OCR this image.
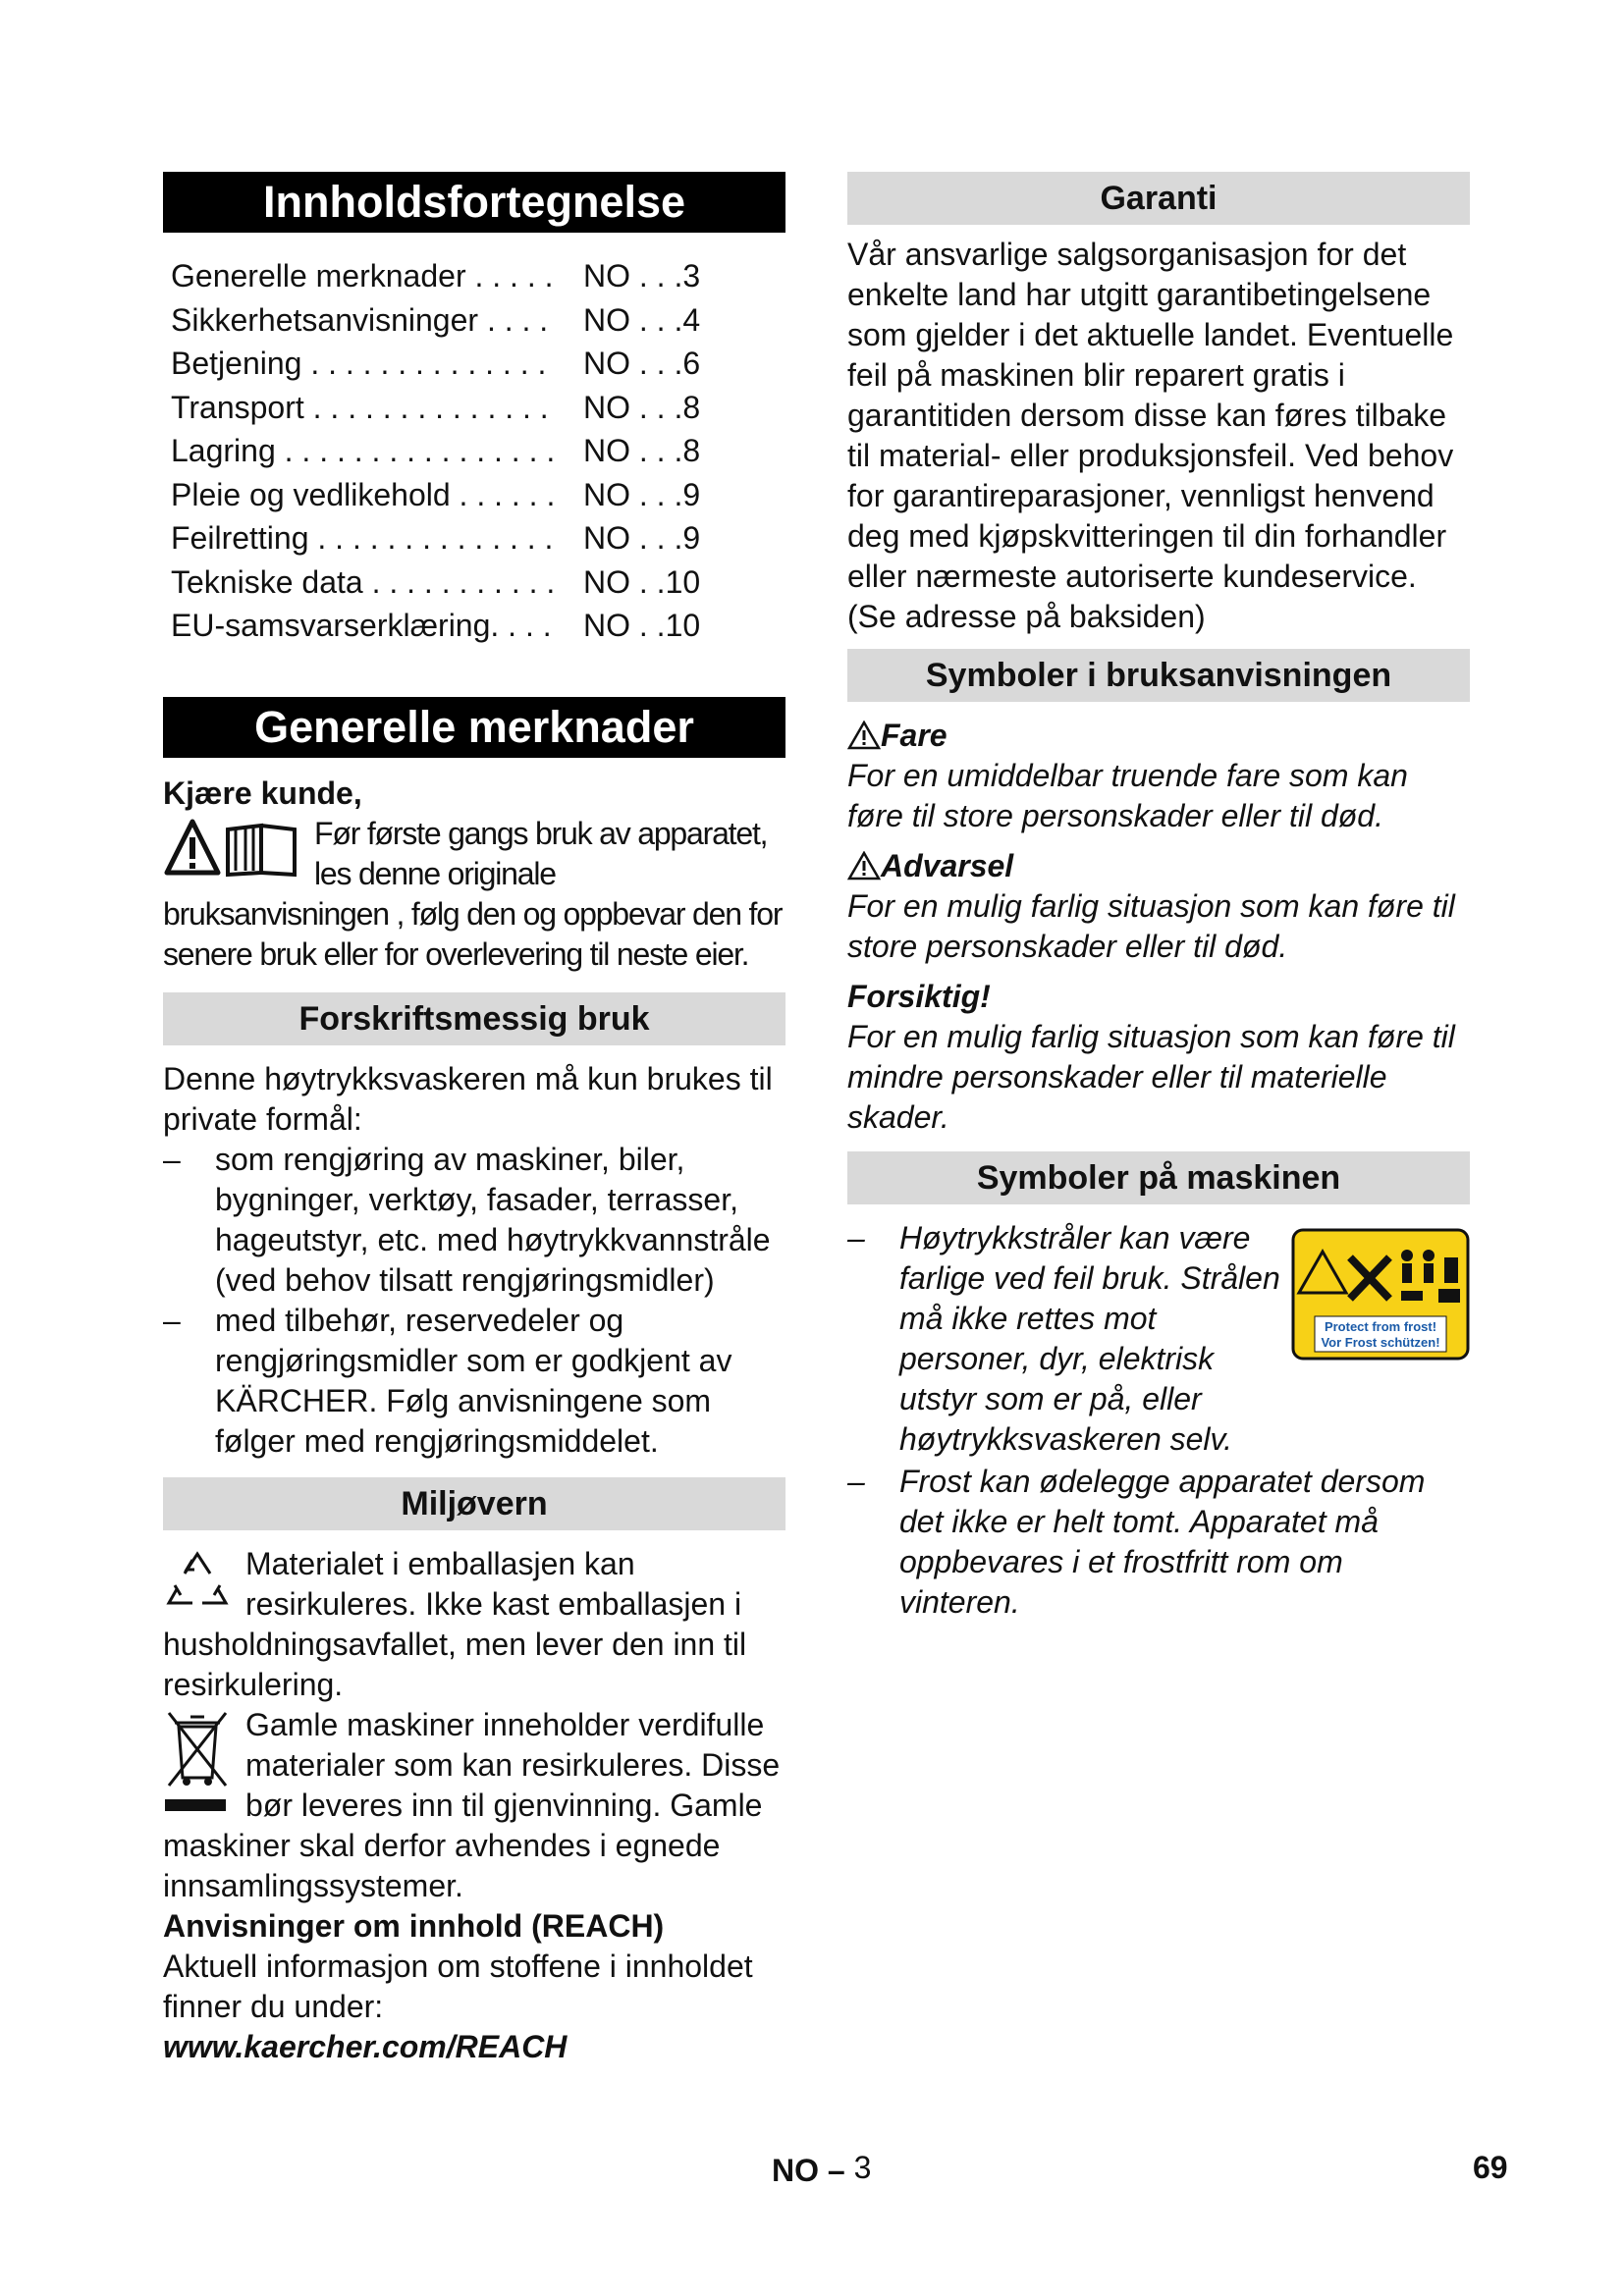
Innholdsfortegnelse
Generelle merknader . . . . . NO . . .3
Sikkerhetsanvisninger . . . .	NO . . .4
Betjening . . . . . . . . . . . . . .	NO . . .6
Transport . . . . . . . . . . . . . .	NO . . .8
Lagring . . . . . . . . . . . . . . . . NO . . .8
Pleie og vedlikehold . . . . . . NO . . .9
Feilretting . . . . . . . . . . . . . . NO . . .9
Tekniske data . . . . . . . . . . . NO . .10
EU-samsvarserklæring. . . .	NO . .10
Generelle merknader

Kjære kunde,

Før første gangs bruk av apparatet, les denne originale bruksanvisningen , følg den og oppbevar den for senere bruk eller for overlevering til neste eier.

Forskriftsmessig bruk

Denne høytrykksvaskeren må kun brukes til private formål:

– som rengjøring av maskiner, biler, bygninger, verktøy, fasader, terrasser, hageutstyr, etc. med høytrykkvannstråle (ved behov tilsatt rengjøringsmidler)
– med tilbehør, reservedeler og rengjøringsmidler som er godkjent av KÄRCHER. Følg anvisningene som følger med rengjøringsmiddelet.
Miljøvern

Materialet i emballasjen kan resirkuleres. Ikke kast emballasjen i husholdningsavfallet, men lever den inn til resirkulering.

Gamle maskiner inneholder verdifulle materialer som kan resirkuleres. Disse bør leveres inn til gjenvinning. Gamle maskiner skal derfor avhendes i egnede innsamlingssystemer.

Anvisninger om innhold (REACH)

Aktuell informasjon om stoffene i innholdet finner du under:

www.kaercher.com/REACH

Garanti

Vår ansvarlige salgsorganisasjon for det enkelte land har utgitt garantibetingelsene som gjelder i det aktuelle landet. Eventuelle feil på maskinen blir reparert gratis i garantitiden dersom disse kan føres tilbake til material- eller produksjonsfeil. Ved behov for garantireparasjoner, vennligst henvend deg med kjøpskvitteringen til din forhandler eller nærmeste autoriserte kundeservice. (Se adresse på baksiden)

Symboler i bruksanvisningen

Fare

For en umiddelbar truende fare som kan føre til store personskader eller til død.

Advarsel

For en mulig farlig situasjon som kan føre til store personskader eller til død.

Forsiktig!

For en mulig farlig situasjon som kan føre til mindre personskader eller til materielle skader.

Symboler på maskinen
Protect from frost!
Vor Frost schützen!
– Høytrykkstråler kan være farlige ved feil bruk. Strålen må ikke rettes mot personer, dyr, elektrisk utstyr som er på, eller høytrykksvaskeren selv.
– Frost kan ødelegge apparatet dersom det ikke er helt tomt. Apparatet må oppbevares i et frostfritt rom om vinteren.
NO – 3	69
